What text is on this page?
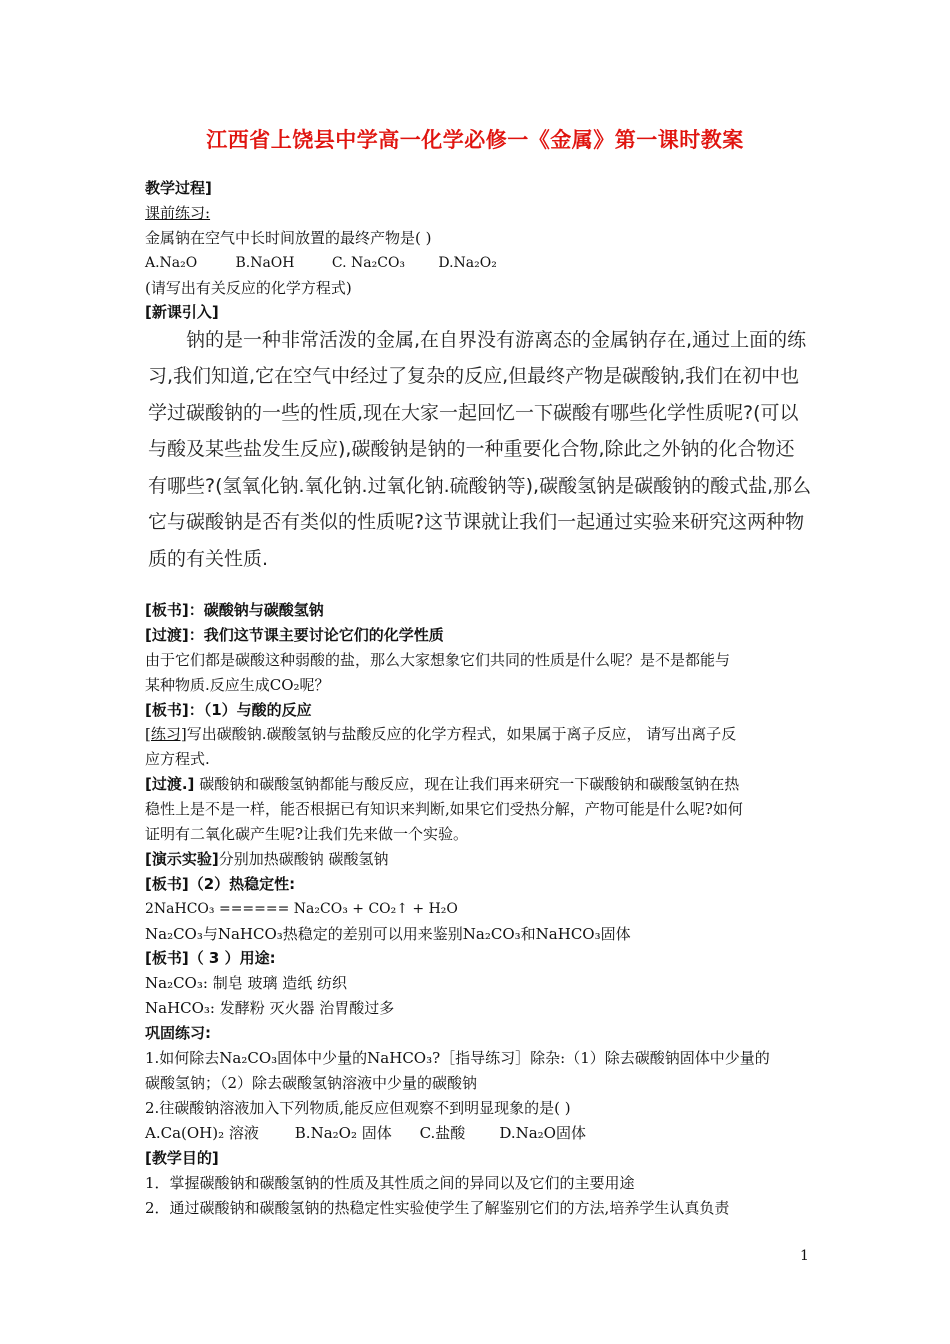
江西省上饶县中学高一化学必修一《金属》第一课时教案
教学过程]
课前练习:
金属钠在空气中长时间放置的最终产物是( )
A.Na₂O	B.NaOH	C. Na₂CO₃ D.Na₂O₂
(请写出有关反应的化学方程式)
[新课引入]
钠的是一种非常活泼的金属,在自界没有游离态的金属钠存在,通过上面的练
习,我们知道,它在空气中经过了复杂的反应,但最终产物是碳酸钠,我们在初中也
学过碳酸钠的一些的性质,现在大家一起回忆一下碳酸有哪些化学性质呢?(可以
与酸及某些盐发生反应),碳酸钠是钠的一种重要化合物,除此之外钠的化合物还
有哪些?(氢氧化钠.氧化钠.过氧化钠.硫酸钠等),碳酸氢钠是碳酸钠的酸式盐,那么
它与碳酸钠是否有类似的性质呢?这节课就让我们一起通过实验来研究这两种物
质的有关性质.
[板书]：碳酸钠与碳酸氢钠
[过渡]：我们这节课主要讨论它们的化学性质
由于它们都是碳酸这种弱酸的盐，那么大家想象它们共同的性质是什么呢？是不是都能与
某种物质.反应生成CO₂呢？
[板书]：（1）与酸的反应
[练习]写出碳酸钠.碳酸氢钠与盐酸反应的化学方程式，如果属于离子反应， 请写出离子反
应方程式.
[过渡.] 碳酸钠和碳酸氢钠都能与酸反应，现在让我们再来研究一下碳酸钠和碳酸氢钠在热
稳性上是不是一样，能否根据已有知识来判断,如果它们受热分解，产物可能是什么呢?如何
证明有二氧化碳产生呢?让我们先来做一个实验。
[演示实验]分别加热碳酸钠 碳酸氢钠
[板书]（2）热稳定性:
2NaHCO₃ ====== Na₂CO₃ + CO₂↑ + H₂O
Na₂CO₃与NaHCO₃热稳定的差别可以用来鉴别Na₂CO₃和NaHCO₃固体
[板书]（ 3 ）用途:
Na₂CO₃: 制皂 玻璃 造纸 纺织
NaHCO₃: 发酵粉 灭火器 治胃酸过多
巩固练习:
1.如何除去Na₂CO₃固体中少量的NaHCO₃?［指导练习］除杂:（1）除去碳酸钠固体中少量的
碳酸氢钠；（2）除去碳酸氢钠溶液中少量的碳酸钠
2.往碳酸钠溶液加入下列物质,能反应但观察不到明显现象的是( )
A.Ca(OH)₂ 溶液 B.Na₂O₂ 固体 C.盐酸 D.Na₂O固体
[教学目的]
1．掌握碳酸钠和碳酸氢钠的性质及其性质之间的异同以及它们的主要用途
2．通过碳酸钠和碳酸氢钠的热稳定性实验使学生了解鉴别它们的方法,培养学生认真负责
1
